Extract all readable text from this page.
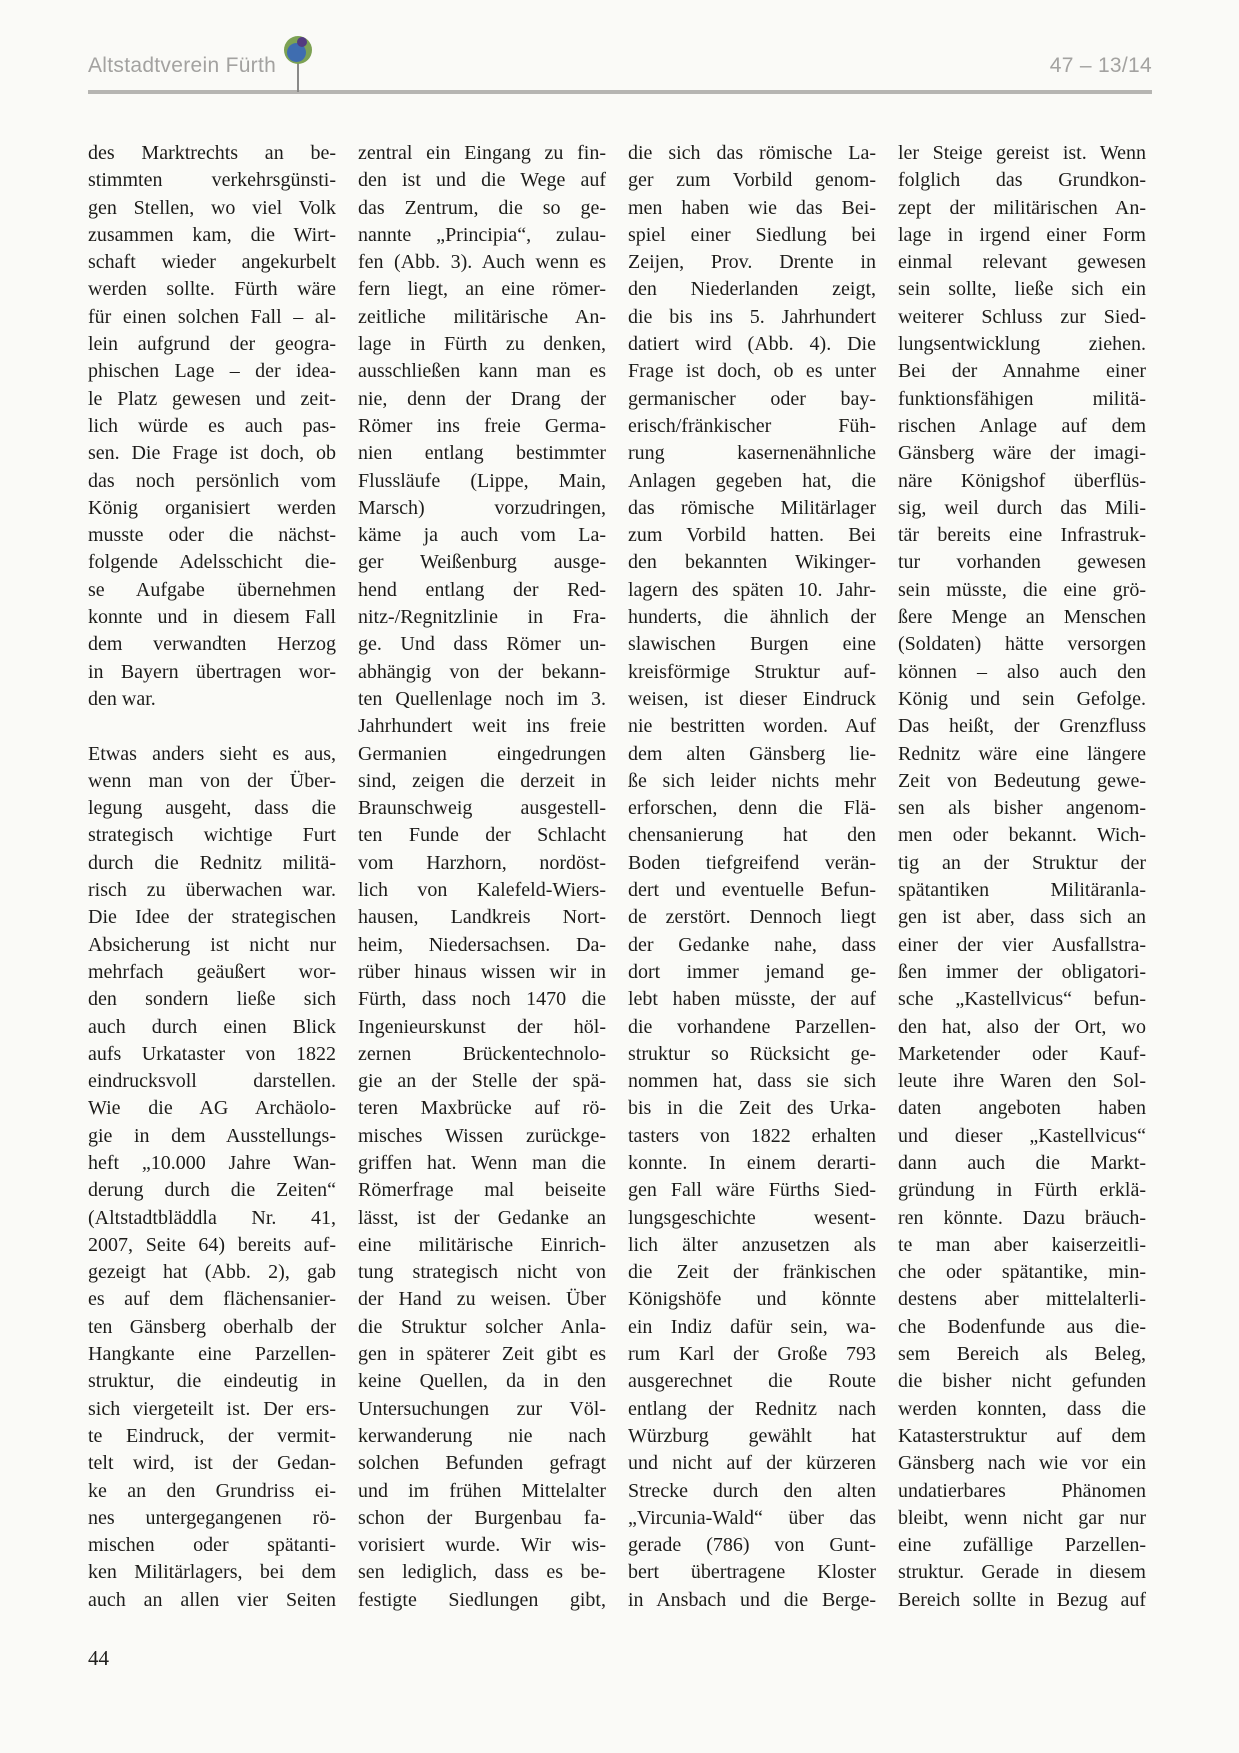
Altstadtverein Fürth	47 – 13/14
des Marktrechts an be-
stimmten verkehrsgünsti-
gen Stellen, wo viel Volk
zusammen kam, die Wirt-
schaft wieder angekurbelt
werden sollte. Fürth wäre
für einen solchen Fall – al-
lein aufgrund der geogra-
phischen Lage – der idea-
le Platz gewesen und zeit-
lich würde es auch pas-
sen. Die Frage ist doch, ob
das noch persönlich vom
König organisiert werden
musste oder die nächst-
folgende Adelsschicht die-
se Aufgabe übernehmen
konnte und in diesem Fall
dem verwandten Herzog
in Bayern übertragen wor-
den war.
Etwas anders sieht es aus,
wenn man von der Über-
legung ausgeht, dass die
strategisch wichtige Furt
durch die Rednitz militä-
risch zu überwachen war.
Die Idee der strategischen
Absicherung ist nicht nur
mehrfach geäußert wor-
den sondern ließe sich
auch durch einen Blick
aufs Urkataster von 1822
eindrucksvoll darstellen.
Wie die AG Archäolo-
gie in dem Ausstellungs-
heft „10.000 Jahre Wan-
derung durch die Zeiten“
(Altstadtbläddla Nr. 41,
2007, Seite 64) bereits auf-
gezeigt hat (Abb. 2), gab
es auf dem flächensanier-
ten Gänsberg oberhalb der
Hangkante eine Parzellen-
struktur, die eindeutig in
sich viergeteilt ist. Der ers-
te Eindruck, der vermit-
telt wird, ist der Gedan-
ke an den Grundriss ei-
nes untergegangenen rö-
mischen oder spätanti-
ken Militärlagers, bei dem
auch an allen vier Seiten
zentral ein Eingang zu fin-
den ist und die Wege auf
das Zentrum, die so ge-
nannte „Principia“, zulau-
fen (Abb. 3). Auch wenn es
fern liegt, an eine römer-
zeitliche militärische An-
lage in Fürth zu denken,
ausschließen kann man es
nie, denn der Drang der
Römer ins freie Germa-
nien entlang bestimmter
Flussläufe (Lippe, Main,
Marsch) vorzudringen,
käme ja auch vom La-
ger Weißenburg ausge-
hend entlang der Red-
nitz-/Regnitzlinie in Fra-
ge. Und dass Römer un-
abhängig von der bekann-
ten Quellenlage noch im 3.
Jahrhundert weit ins freie
Germanien eingedrungen
sind, zeigen die derzeit in
Braunschweig ausgestell-
ten Funde der Schlacht
vom Harzhorn, nordöst-
lich von Kalefeld-Wiers-
hausen, Landkreis Nort-
heim, Niedersachsen. Da-
rüber hinaus wissen wir in
Fürth, dass noch 1470 die
Ingenieurskunst der höl-
zernen Brückentechnolo-
gie an der Stelle der spä-
teren Maxbrücke auf rö-
misches Wissen zurückge-
griffen hat. Wenn man die
Römerfrage mal beiseite
lässt, ist der Gedanke an
eine militärische Einrich-
tung strategisch nicht von
der Hand zu weisen. Über
die Struktur solcher Anla-
gen in späterer Zeit gibt es
keine Quellen, da in den
Untersuchungen zur Völ-
kerwanderung nie nach
solchen Befunden gefragt
und im frühen Mittelalter
schon der Burgenbau fa-
vorisiert wurde. Wir wis-
sen lediglich, dass es be-
festigte Siedlungen gibt,
die sich das römische La-
ger zum Vorbild genom-
men haben wie das Bei-
spiel einer Siedlung bei
Zeijen, Prov. Drente in
den Niederlanden zeigt,
die bis ins 5. Jahrhundert
datiert wird (Abb. 4). Die
Frage ist doch, ob es unter
germanischer oder bay-
erisch/fränkischer Füh-
rung kasernenähnliche
Anlagen gegeben hat, die
das römische Militärlager
zum Vorbild hatten. Bei
den bekannten Wikinger-
lagern des späten 10. Jahr-
hunderts, die ähnlich der
slawischen Burgen eine
kreisförmige Struktur auf-
weisen, ist dieser Eindruck
nie bestritten worden. Auf
dem alten Gänsberg lie-
ße sich leider nichts mehr
erforschen, denn die Flä-
chensanierung hat den
Boden tiefgreifend verän-
dert und eventuelle Befun-
de zerstört. Dennoch liegt
der Gedanke nahe, dass
dort immer jemand ge-
lebt haben müsste, der auf
die vorhandene Parzellen-
struktur so Rücksicht ge-
nommen hat, dass sie sich
bis in die Zeit des Urka-
tasters von 1822 erhalten
konnte. In einem derarti-
gen Fall wäre Fürths Sied-
lungsgeschichte wesent-
lich älter anzusetzen als
die Zeit der fränkischen
Königshöfe und könnte
ein Indiz dafür sein, wa-
rum Karl der Große 793
ausgerechnet die Route
entlang der Rednitz nach
Würzburg gewählt hat
und nicht auf der kürzeren
Strecke durch den alten
„Vircunia-Wald“ über das
gerade (786) von Gunt-
bert übertragene Kloster
in Ansbach und die Berge-
ler Steige gereist ist. Wenn
folglich das Grundkon-
zept der militärischen An-
lage in irgend einer Form
einmal relevant gewesen
sein sollte, ließe sich ein
weiterer Schluss zur Sied-
lungsentwicklung ziehen.
Bei der Annahme einer
funktionsfähigen militä-
rischen Anlage auf dem
Gänsberg wäre der imagi-
näre Königshof überflüs-
sig, weil durch das Mili-
tär bereits eine Infrastruk-
tur vorhanden gewesen
sein müsste, die eine grö-
ßere Menge an Menschen
(Soldaten) hätte versorgen
können – also auch den
König und sein Gefolge.
Das heißt, der Grenzfluss
Rednitz wäre eine längere
Zeit von Bedeutung gewe-
sen als bisher angenom-
men oder bekannt. Wich-
tig an der Struktur der
spätantiken Militäranla-
gen ist aber, dass sich an
einer der vier Ausfallstra-
ßen immer der obligatori-
sche „Kastellvicus“ befun-
den hat, also der Ort, wo
Marketender oder Kauf-
leute ihre Waren den Sol-
daten angeboten haben
und dieser „Kastellvicus“
dann auch die Markt-
gründung in Fürth erklä-
ren könnte. Dazu bräuch-
te man aber kaiserzeitli-
che oder spätantike, min-
destens aber mittelalterli-
che Bodenfunde aus die-
sem Bereich als Beleg,
die bisher nicht gefunden
werden konnten, dass die
Katasterstruktur auf dem
Gänsberg nach wie vor ein
undatierbares Phänomen
bleibt, wenn nicht gar nur
eine zufällige Parzellen-
struktur. Gerade in diesem
Bereich sollte in Bezug auf
44
